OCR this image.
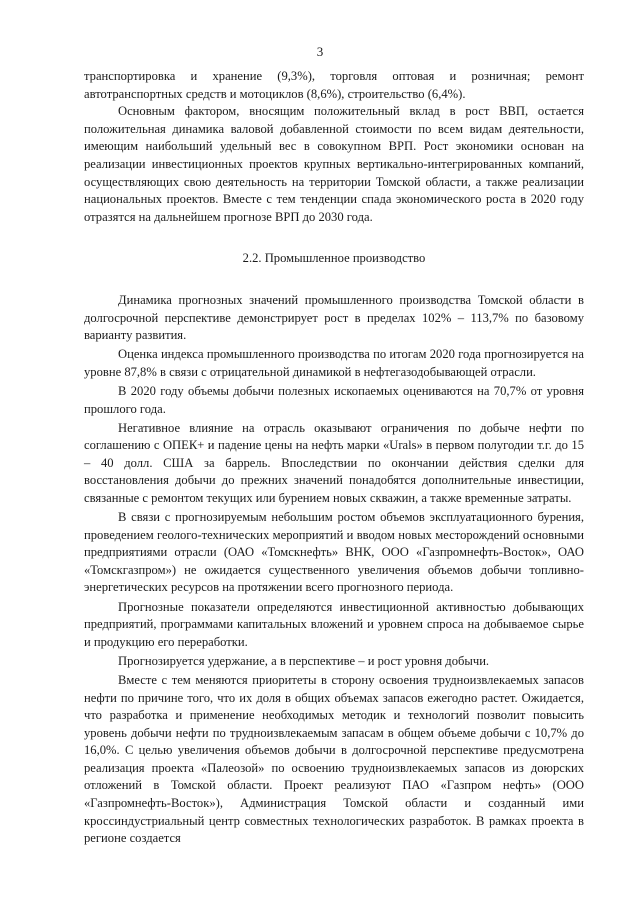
3

транспортировка и хранение (9,3%), торговля оптовая и розничная; ремонт автотранспортных средств и мотоциклов (8,6%), строительство (6,4%).

Основным фактором, вносящим положительный вклад в рост ВВП, остается положительная динамика валовой добавленной стоимости по всем видам деятельности, имеющим наибольший удельный вес в совокупном ВРП. Рост экономики основан на реализации инвестиционных проектов крупных вертикально-интегрированных компаний, осуществляющих свою деятельность на территории Томской области, а также реализации национальных проектов. Вместе с тем тенденции спада экономического роста в 2020 году отразятся на дальнейшем прогнозе ВРП до 2030 года.

2.2. Промышленное производство

Динамика прогнозных значений промышленного производства Томской области в долгосрочной перспективе демонстрирует рост в пределах 102% – 113,7% по базовому варианту развития.

Оценка индекса промышленного производства по итогам 2020 года прогнозируется на уровне 87,8% в связи с отрицательной динамикой в нефтегазодобывающей отрасли.

В 2020 году объемы добычи полезных ископаемых оцениваются на 70,7% от уровня прошлого года.

Негативное влияние на отрасль оказывают ограничения по добыче нефти по соглашению с ОПЕК+ и падение цены на нефть марки «Urals» в первом полугодии т.г. до 15 – 40 долл. США за баррель. Впоследствии по окончании действия сделки для восстановления добычи до прежних значений понадобятся дополнительные инвестиции, связанные с ремонтом текущих или бурением новых скважин, а также временные затраты.

В связи с прогнозируемым небольшим ростом объемов эксплуатационного бурения, проведением геолого-технических мероприятий и вводом новых месторождений основными предприятиями отрасли (ОАО «Томскнефть» ВНК, ООО «Газпромнефть-Восток», ОАО «Томскгазпром») не ожидается существенного увеличения объемов добычи топливно-энергетических ресурсов на протяжении всего прогнозного периода.

Прогнозные показатели определяются инвестиционной активностью добывающих предприятий, программами капитальных вложений и уровнем спроса на добываемое сырье и продукцию его переработки.

Прогнозируется удержание, а в перспективе – и рост уровня добычи.

Вместе с тем меняются приоритеты в сторону освоения трудноизвлекаемых запасов нефти по причине того, что их доля в общих объемах запасов ежегодно растет. Ожидается, что разработка и применение необходимых методик и технологий позволит повысить уровень добычи нефти по трудноизвлекаемым запасам в общем объеме добычи с 10,7% до 16,0%. С целью увеличения объемов добычи в долгосрочной перспективе предусмотрена реализация проекта «Палеозой» по освоению трудноизвлекаемых запасов из доюрских отложений в Томской области. Проект реализуют ПАО «Газпром нефть» (ООО «Газпромнефть-Восток»), Администрация Томской области и созданный ими кроссиндустриальный центр совместных технологических разработок. В рамках проекта в регионе создается
